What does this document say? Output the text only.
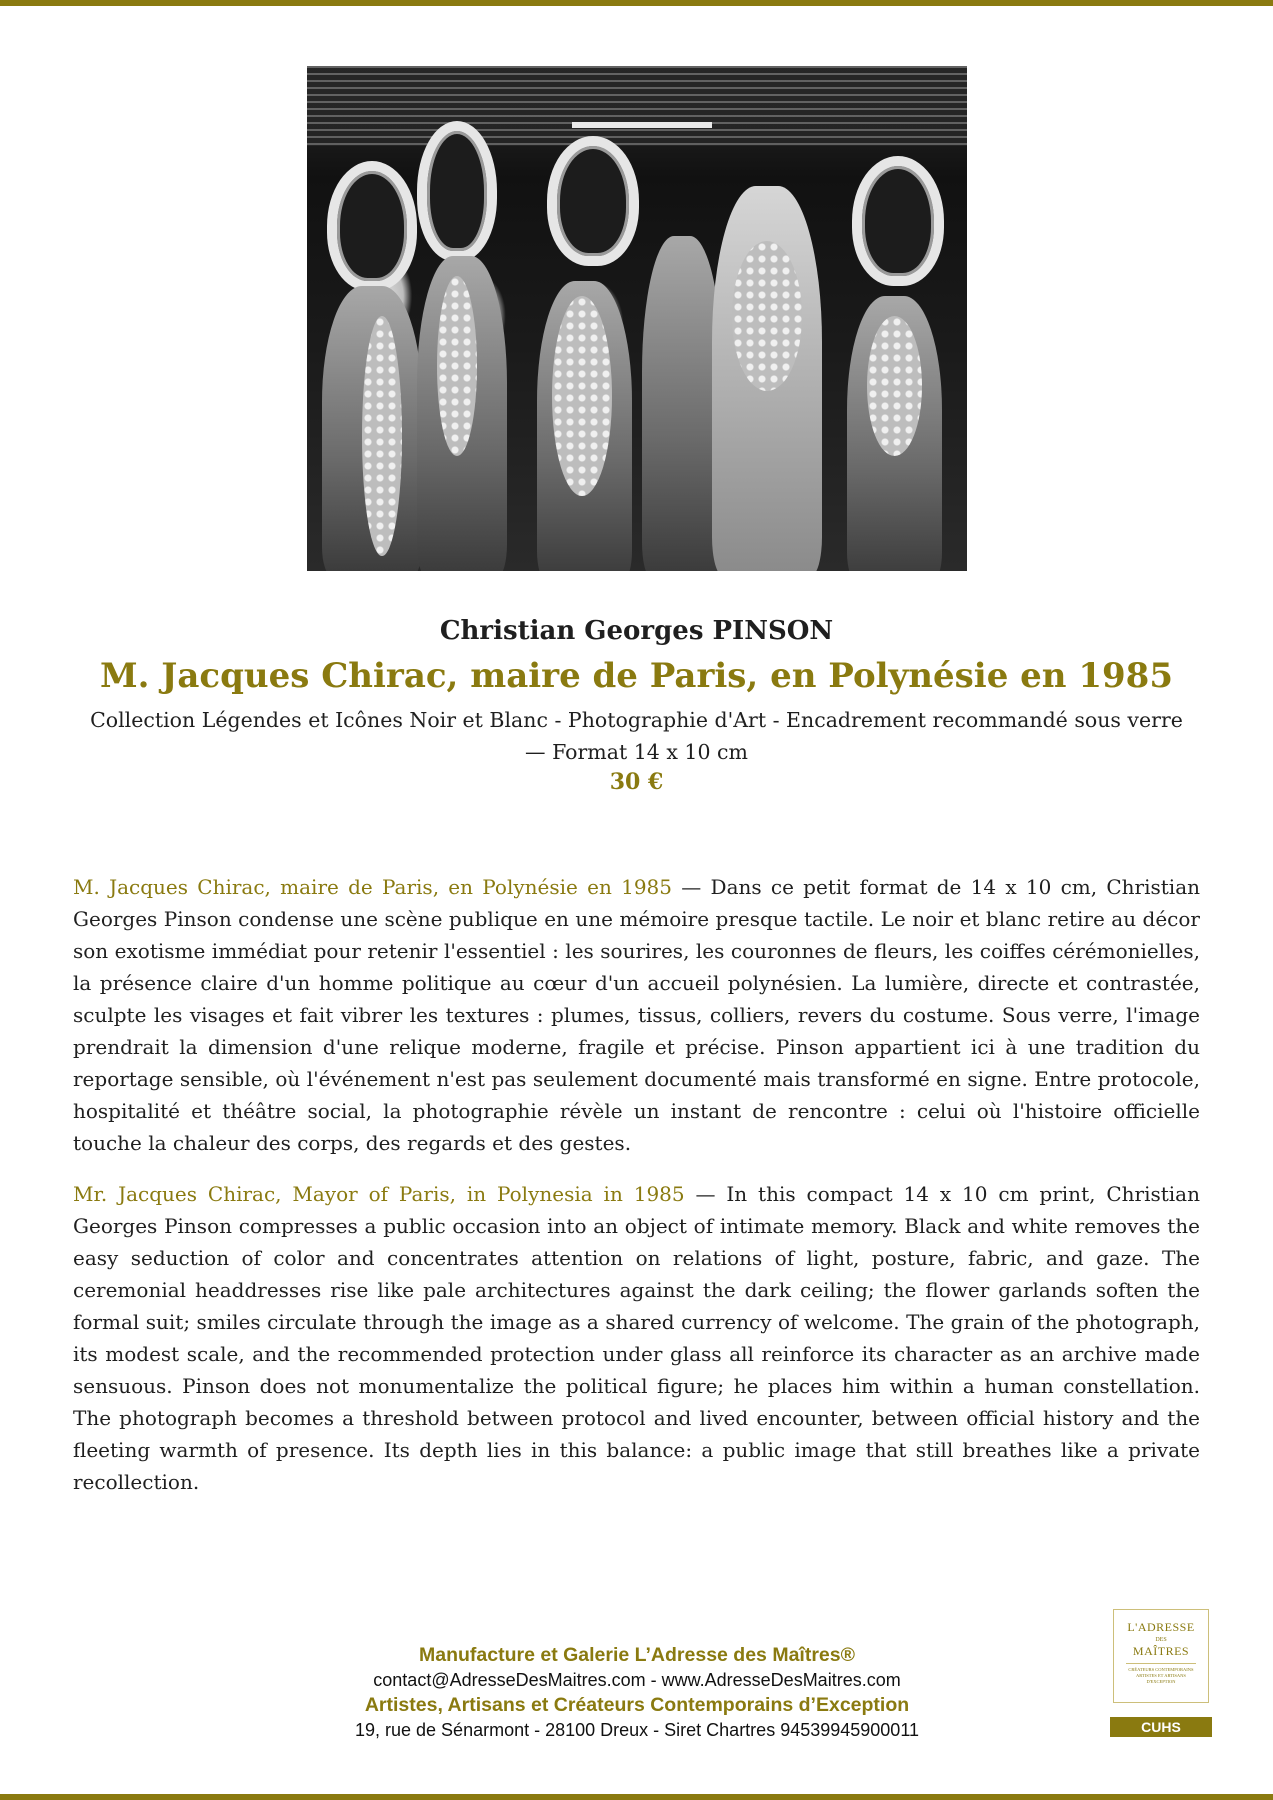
Christian Georges PINSON
M. Jacques Chirac, maire de Paris, en Polynésie en 1985
Collection Légendes et Icônes Noir et Blanc - Photographie d'Art - Encadrement recommandé sous verre — Format 14 x 10 cm
30 €

M. Jacques Chirac, maire de Paris, en Polynésie en 1985 — Dans ce petit format de 14 x 10 cm, Christian Georges Pinson condense une scène publique en une mémoire presque tactile. Le noir et blanc retire au décor son exotisme immédiat pour retenir l'essentiel : les sourires, les couronnes de fleurs, les coiffes cérémonielles, la présence claire d'un homme politique au cœur d'un accueil polynésien. La lumière, directe et contrastée, sculpte les visages et fait vibrer les textures : plumes, tissus, colliers, revers du costume. Sous verre, l'image prendrait la dimension d'une relique moderne, fragile et précise. Pinson appartient ici à une tradition du reportage sensible, où l'événement n'est pas seulement documenté mais transformé en signe. Entre protocole, hospitalité et théâtre social, la photographie révèle un instant de rencontre : celui où l'histoire officielle touche la chaleur des corps, des regards et des gestes.

Mr. Jacques Chirac, Mayor of Paris, in Polynesia in 1985 — In this compact 14 x 10 cm print, Christian Georges Pinson compresses a public occasion into an object of intimate memory. Black and white removes the easy seduction of color and concentrates attention on relations of light, posture, fabric, and gaze. The ceremonial headdresses rise like pale architectures against the dark ceiling; the flower garlands soften the formal suit; smiles circulate through the image as a shared currency of welcome. The grain of the photograph, its modest scale, and the recommended protection under glass all reinforce its character as an archive made sensuous. Pinson does not monumentalize the political figure; he places him within a human constellation. The photograph becomes a threshold between protocol and lived encounter, between official history and the fleeting warmth of presence. Its depth lies in this balance: a public image that still breathes like a private recollection.

Manufacture et Galerie L’Adresse des Maîtres®
contact@AdresseDesMaitres.com - www.AdresseDesMaitres.com
Artistes, Artisans et Créateurs Contemporains d’Exception
19, rue de Sénarmont - 28100 Dreux - Siret Chartres 94539945900011
L'ADRESSE
DES
MAÎTRES
CRÉATEURS CONTEMPORAINS ARTISTES ET ARTISANS D'EXCEPTION
CUHS
